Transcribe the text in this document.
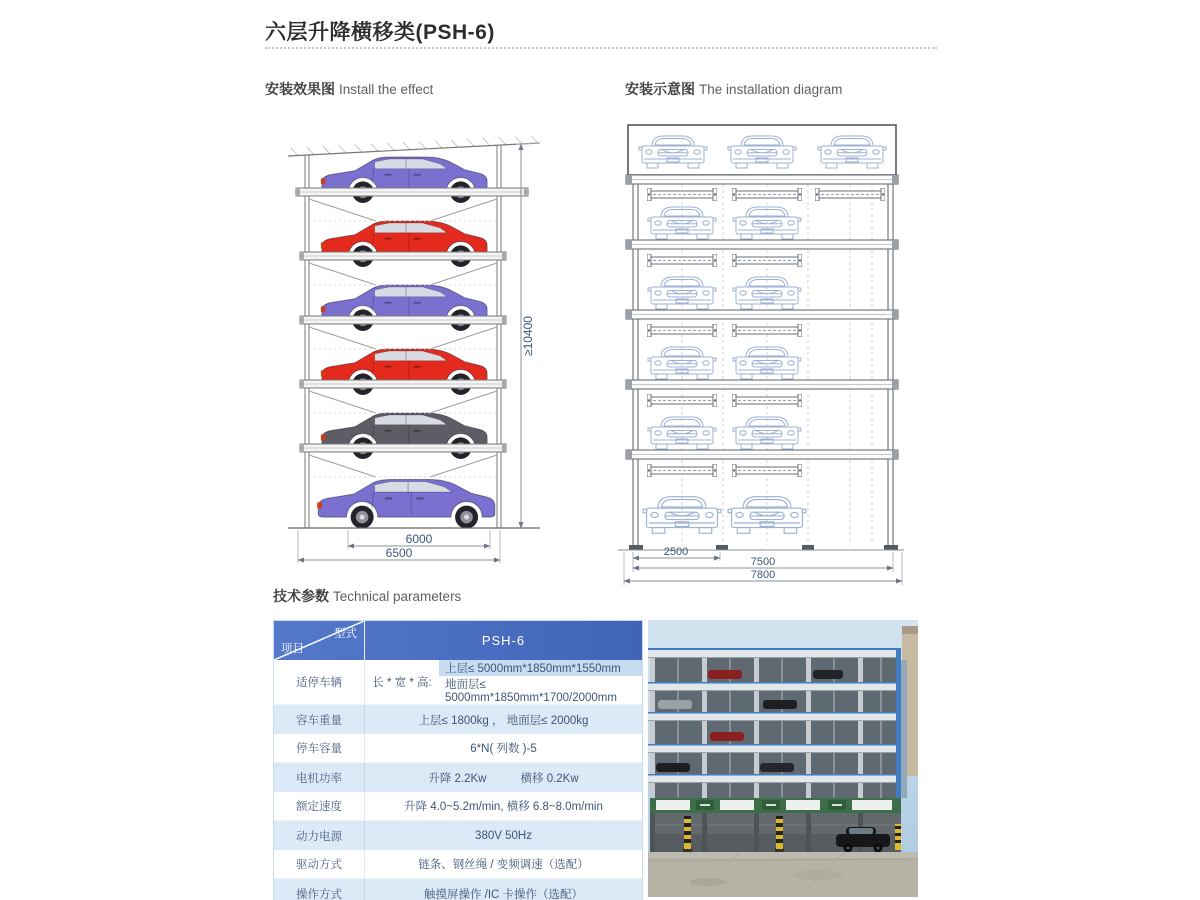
六层升降横移类(PSH-6)
安装效果图 Install the effect	安装示意图 The installation diagram
技术参数 Technical parameters
6000
6500
≥10400
2500
7500
7800
型式
项目
PSH-6
适停车辆	长 * 宽 * 高:
上层≤ 5000mm*1850mm*1550mm
地面层≤ 5000mm*1850mm*1700/2000mm
容车重量	上层≤ 1800kg ， 地面层≤ 2000kg
停车容量	6*N( 列数 )-5
电机功率	升降 2.2Kw	横移 0.2Kw
额定速度	升降 4.0~5.2m/min, 横移 6.8~8.0m/min
动力电源	380V 50Hz
驱动方式	链条、钢丝绳 / 变频调速（选配）
操作方式	触摸屏操作 /IC 卡操作（选配）
